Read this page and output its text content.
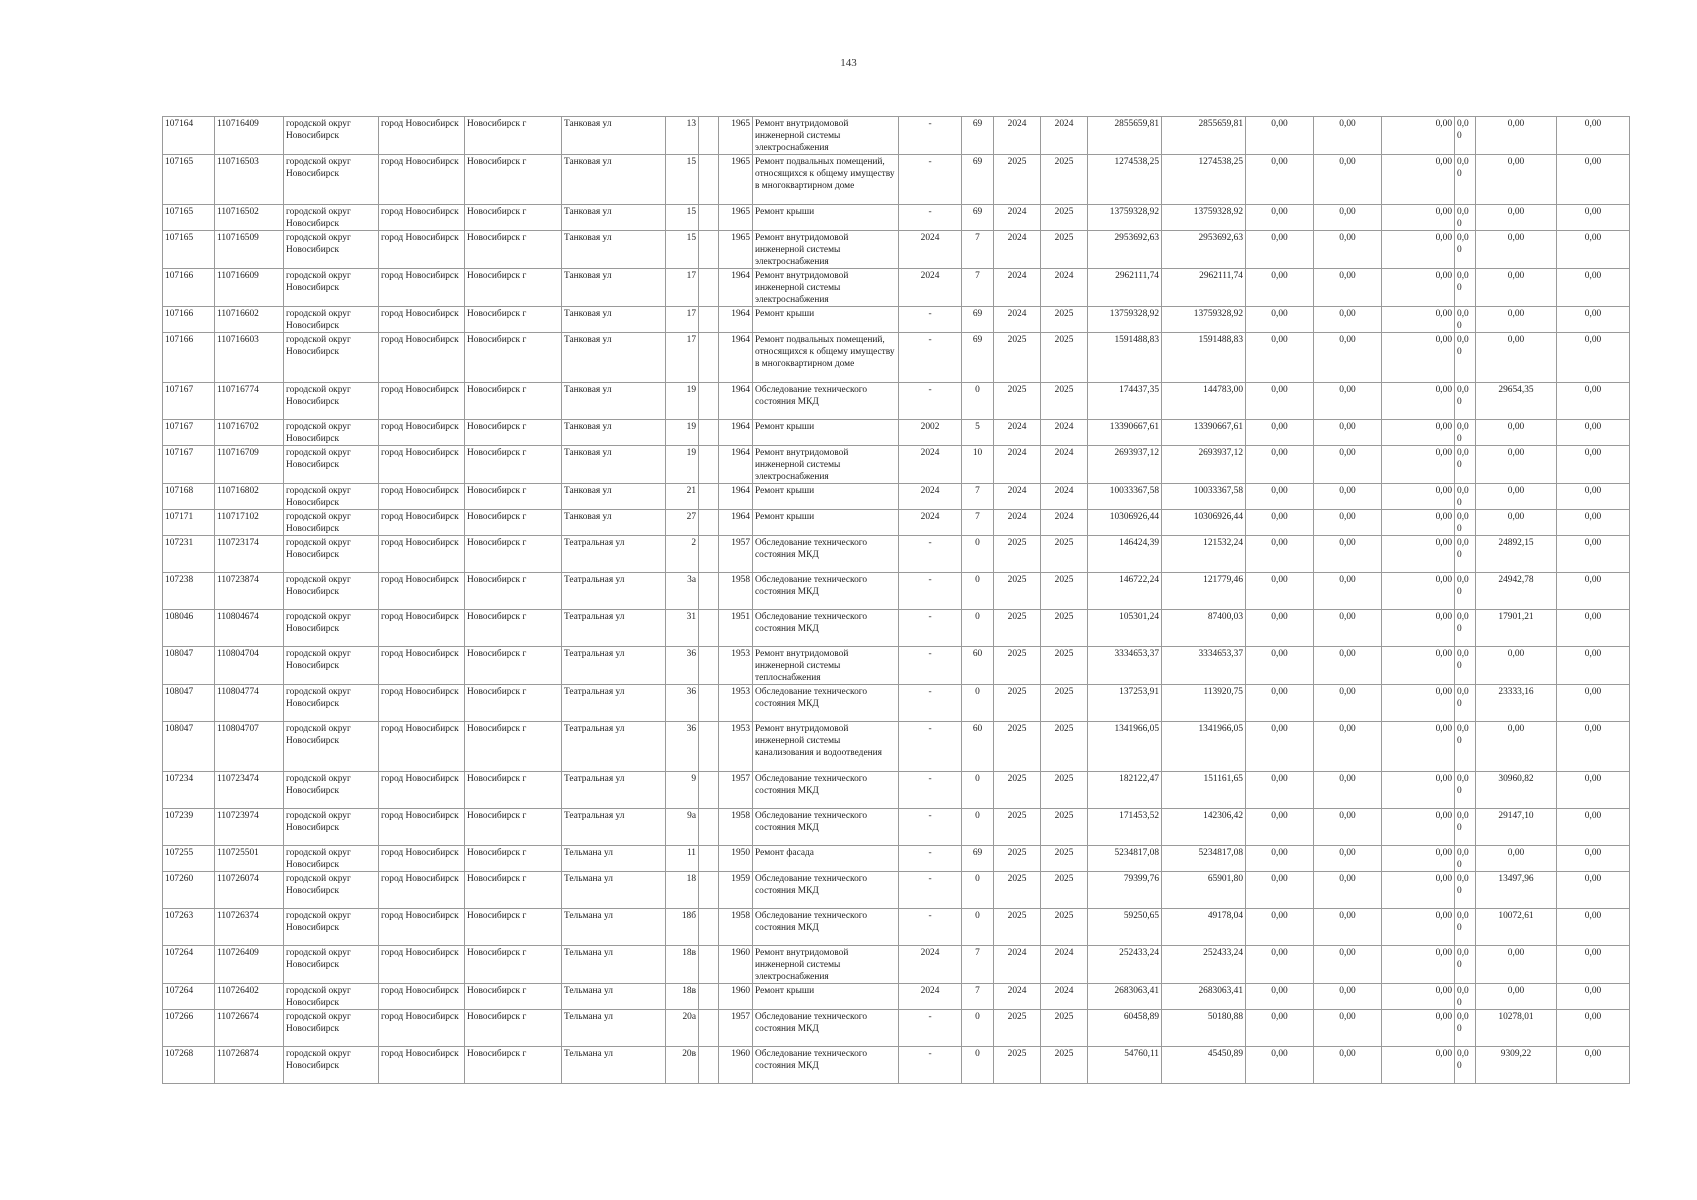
143
107164	110716409	городской округ Новосибирск	город Новосибирск	Новосибирск г	Танковая ул	13		1965	Ремонт внутридомовой инженерной системы электроснабжения	-	69	2024	2024	2855659,81	2855659,81	0,00	0,00	0,00	0,00	0,00	0,00
107165	110716503	городской округ Новосибирск	город Новосибирск	Новосибирск г	Танковая ул	15		1965	Ремонт подвальных помещений, относящихся к общему имуществу в многоквартирном доме	-	69	2025	2025	1274538,25	1274538,25	0,00	0,00	0,00	0,00	0,00	0,00
107165	110716502	городской округ Новосибирск	город Новосибирск	Новосибирск г	Танковая ул	15		1965	Ремонт крыши	-	69	2024	2025	13759328,92	13759328,92	0,00	0,00	0,00	0,00	0,00	0,00
107165	110716509	городской округ Новосибирск	город Новосибирск	Новосибирск г	Танковая ул	15		1965	Ремонт внутридомовой инженерной системы электроснабжения	2024	7	2024	2025	2953692,63	2953692,63	0,00	0,00	0,00	0,00	0,00	0,00
107166	110716609	городской округ Новосибирск	город Новосибирск	Новосибирск г	Танковая ул	17		1964	Ремонт внутридомовой инженерной системы электроснабжения	2024	7	2024	2024	2962111,74	2962111,74	0,00	0,00	0,00	0,00	0,00	0,00
107166	110716602	городской округ Новосибирск	город Новосибирск	Новосибирск г	Танковая ул	17		1964	Ремонт крыши	-	69	2024	2025	13759328,92	13759328,92	0,00	0,00	0,00	0,00	0,00	0,00
107166	110716603	городской округ Новосибирск	город Новосибирск	Новосибирск г	Танковая ул	17		1964	Ремонт подвальных помещений, относящихся к общему имуществу в многоквартирном доме	-	69	2025	2025	1591488,83	1591488,83	0,00	0,00	0,00	0,00	0,00	0,00
107167	110716774	городской округ Новосибирск	город Новосибирск	Новосибирск г	Танковая ул	19		1964	Обследование технического состояния МКД	-	0	2025	2025	174437,35	144783,00	0,00	0,00	0,00	0,00	29654,35	0,00
107167	110716702	городской округ Новосибирск	город Новосибирск	Новосибирск г	Танковая ул	19		1964	Ремонт крыши	2002	5	2024	2024	13390667,61	13390667,61	0,00	0,00	0,00	0,00	0,00	0,00
107167	110716709	городской округ Новосибирск	город Новосибирск	Новосибирск г	Танковая ул	19		1964	Ремонт внутридомовой инженерной системы электроснабжения	2024	10	2024	2024	2693937,12	2693937,12	0,00	0,00	0,00	0,00	0,00	0,00
107168	110716802	городской округ Новосибирск	город Новосибирск	Новосибирск г	Танковая ул	21		1964	Ремонт крыши	2024	7	2024	2024	10033367,58	10033367,58	0,00	0,00	0,00	0,00	0,00	0,00
107171	110717102	городской округ Новосибирск	город Новосибирск	Новосибирск г	Танковая ул	27		1964	Ремонт крыши	2024	7	2024	2024	10306926,44	10306926,44	0,00	0,00	0,00	0,00	0,00	0,00
107231	110723174	городской округ Новосибирск	город Новосибирск	Новосибирск г	Театральная ул	2		1957	Обследование технического состояния МКД	-	0	2025	2025	146424,39	121532,24	0,00	0,00	0,00	0,00	24892,15	0,00
107238	110723874	городской округ Новосибирск	город Новосибирск	Новосибирск г	Театральная ул	3а		1958	Обследование технического состояния МКД	-	0	2025	2025	146722,24	121779,46	0,00	0,00	0,00	0,00	24942,78	0,00
108046	110804674	городской округ Новосибирск	город Новосибирск	Новосибирск г	Театральная ул	31		1951	Обследование технического состояния МКД	-	0	2025	2025	105301,24	87400,03	0,00	0,00	0,00	0,00	17901,21	0,00
108047	110804704	городской округ Новосибирск	город Новосибирск	Новосибирск г	Театральная ул	36		1953	Ремонт внутридомовой инженерной системы теплоснабжения	-	60	2025	2025	3334653,37	3334653,37	0,00	0,00	0,00	0,00	0,00	0,00
108047	110804774	городской округ Новосибирск	город Новосибирск	Новосибирск г	Театральная ул	36		1953	Обследование технического состояния МКД	-	0	2025	2025	137253,91	113920,75	0,00	0,00	0,00	0,00	23333,16	0,00
108047	110804707	городской округ Новосибирск	город Новосибирск	Новосибирск г	Театральная ул	36		1953	Ремонт внутридомовой инженерной системы канализования и водоотведения	-	60	2025	2025	1341966,05	1341966,05	0,00	0,00	0,00	0,00	0,00	0,00
107234	110723474	городской округ Новосибирск	город Новосибирск	Новосибирск г	Театральная ул	9		1957	Обследование технического состояния МКД	-	0	2025	2025	182122,47	151161,65	0,00	0,00	0,00	0,00	30960,82	0,00
107239	110723974	городской округ Новосибирск	город Новосибирск	Новосибирск г	Театральная ул	9а		1958	Обследование технического состояния МКД	-	0	2025	2025	171453,52	142306,42	0,00	0,00	0,00	0,00	29147,10	0,00
107255	110725501	городской округ Новосибирск	город Новосибирск	Новосибирск г	Тельмана ул	11		1950	Ремонт фасада	-	69	2025	2025	5234817,08	5234817,08	0,00	0,00	0,00	0,00	0,00	0,00
107260	110726074	городской округ Новосибирск	город Новосибирск	Новосибирск г	Тельмана ул	18		1959	Обследование технического состояния МКД	-	0	2025	2025	79399,76	65901,80	0,00	0,00	0,00	0,00	13497,96	0,00
107263	110726374	городской округ Новосибирск	город Новосибирск	Новосибирск г	Тельмана ул	18б		1958	Обследование технического состояния МКД	-	0	2025	2025	59250,65	49178,04	0,00	0,00	0,00	0,00	10072,61	0,00
107264	110726409	городской округ Новосибирск	город Новосибирск	Новосибирск г	Тельмана ул	18в		1960	Ремонт внутридомовой инженерной системы электроснабжения	2024	7	2024	2024	252433,24	252433,24	0,00	0,00	0,00	0,00	0,00	0,00
107264	110726402	городской округ Новосибирск	город Новосибирск	Новосибирск г	Тельмана ул	18в		1960	Ремонт крыши	2024	7	2024	2024	2683063,41	2683063,41	0,00	0,00	0,00	0,00	0,00	0,00
107266	110726674	городской округ Новосибирск	город Новосибирск	Новосибирск г	Тельмана ул	20а		1957	Обследование технического состояния МКД	-	0	2025	2025	60458,89	50180,88	0,00	0,00	0,00	0,00	10278,01	0,00
107268	110726874	городской округ Новосибирск	город Новосибирск	Новосибирск г	Тельмана ул	20в		1960	Обследование технического состояния МКД	-	0	2025	2025	54760,11	45450,89	0,00	0,00	0,00	0,00	9309,22	0,00
